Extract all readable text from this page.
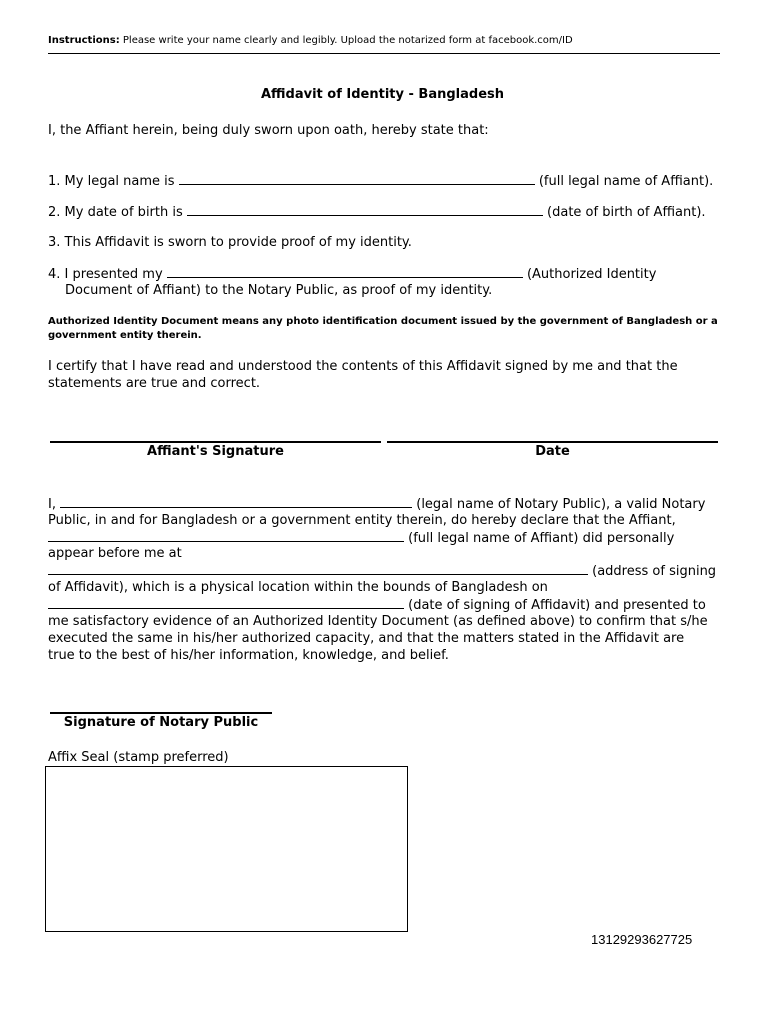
Instructions: Please write your name clearly and legibly. Upload the notarized form at facebook.com/ID
Affidavit of Identity - Bangladesh
I, the Affiant herein, being duly sworn upon oath, hereby state that:
1. My legal name is	(full legal name of Affiant).
2. My date of birth is	(date of birth of Affiant).
3. This Affidavit is sworn to provide proof of my identity.
4. I presented my	(Authorized Identity
Document of Affiant) to the Notary Public, as proof of my identity.
Authorized Identity Document means any photo identification document issued by the government of Bangladesh or a government entity therein.
I certify that I have read and understood the contents of this Affidavit signed by me and that the statements are true and correct.
Affiant's Signature	Date
I,	(legal name of Notary Public), a valid Notary
Public, in and for Bangladesh or a government entity therein, do hereby declare that the Affiant,
(full legal name of Affiant) did personally
appear before me at
(address of signing
of Affidavit), which is a physical location within the bounds of Bangladesh on
(date of signing of Affidavit) and presented to
me satisfactory evidence of an Authorized Identity Document (as defined above) to confirm that s/he
executed the same in his/her authorized capacity, and that the matters stated in the Affidavit are
true to the best of his/her information, knowledge, and belief.
Signature of Notary Public
Affix Seal (stamp preferred)
13129293627725
